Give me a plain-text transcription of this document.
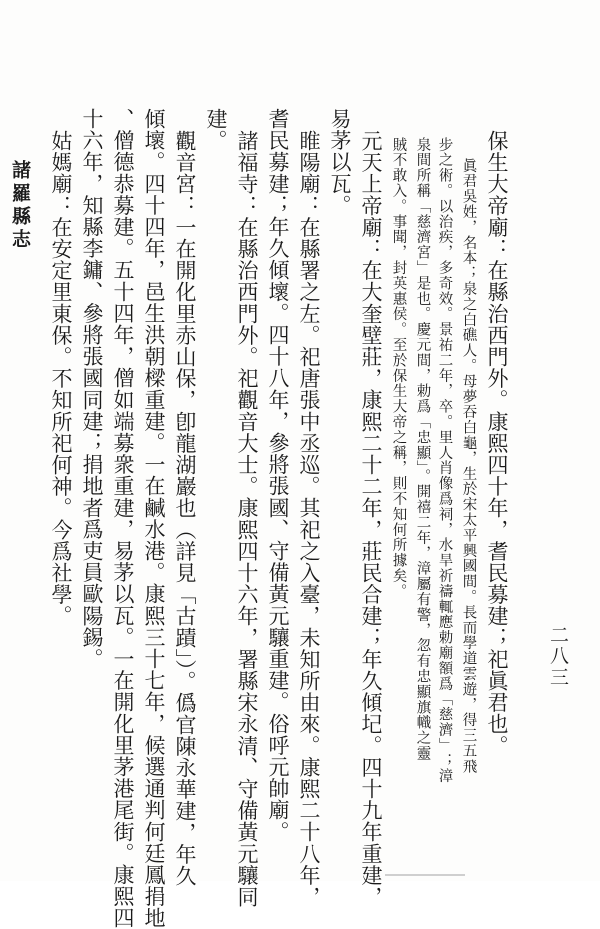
二八三
保生大帝廟：在縣治西門外。康熙四十年，耆民募建；祀眞君也。
眞君吳姓，名本；泉之白礁人。母夢吞白龜，生於宋太平興國間。長而學道雲遊，得三五飛
步之術。以治疾，多奇效。景祐二年，卒。里人肖像爲祠，水旱祈禱輒應勅廟額爲「慈濟」；漳
泉間所稱「慈濟宮」是也。慶元間，勅爲「忠顯」。開禧二年，漳屬有警，忽有忠顯旗幟之靈
賊不敢入。事聞，封英惠侯。至於保生大帝之稱，則不知何所據矣。
元天上帝廟：在大奎壁莊，康熙二十二年，莊民合建；年久傾圮。四十九年重建，
易茅以瓦。
睢陽廟：在縣署之左。祀唐張中丞巡。其祀之入臺，未知所由來。康熙二十八年，
耆民募建；年久傾壞。四十八年，參將張國、守備黃元驤重建。俗呼元帥廟。
諸福寺：在縣治西門外。祀觀音大士。康熙四十六年，署縣宋永清、守備黃元驤同
建。
觀音宮：一在開化里赤山保，卽龍湖巖也（詳見「古蹟」）。僞官陳永華建，年久
傾壞。四十四年，邑生洪朝樑重建。一在鹹水港。康熙三十七年，候選通判何廷鳳捐地
、僧德恭募建。五十四年，僧如端募衆重建，易茅以瓦。一在開化里茅港尾街。康熙四
十六年，知縣李鏞、參將張國同建；捐地者爲吏員歐陽錫。
姑媽廟：在安定里東保。不知所祀何神。今爲社學。
諸羅縣志
